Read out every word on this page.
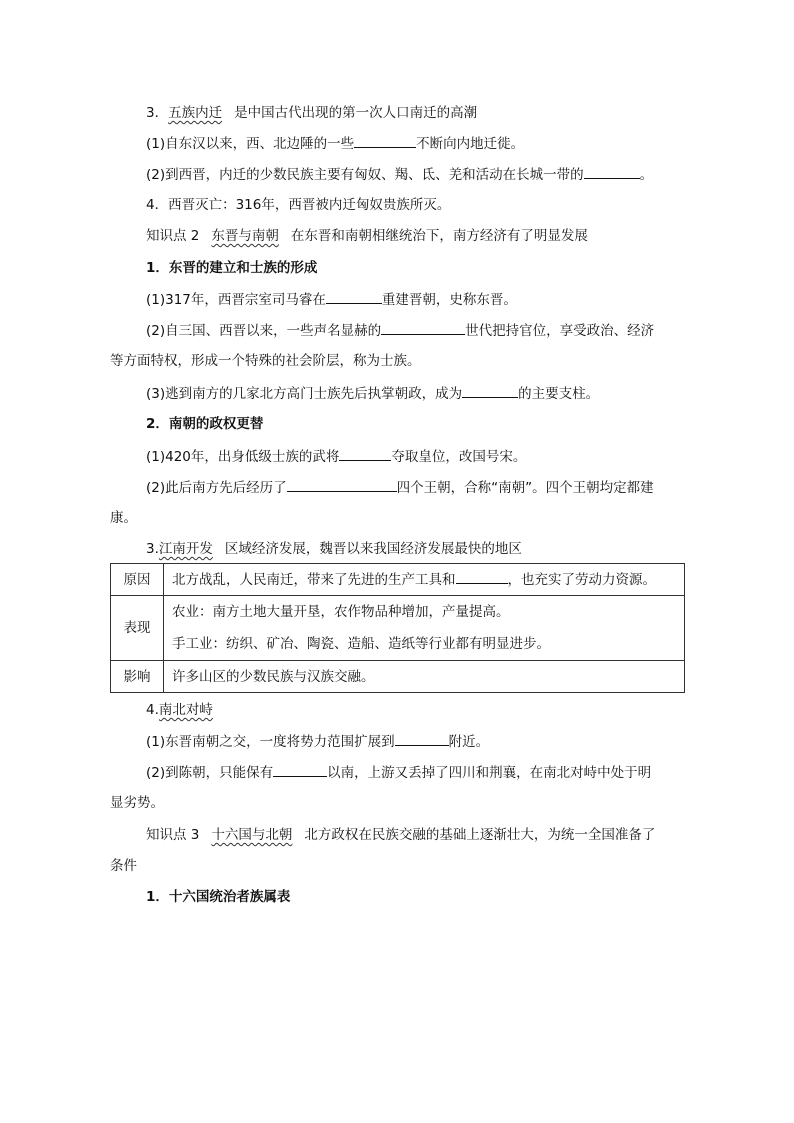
3．五族内迁 是中国古代出现的第一次人口南迁的高潮
(1)自东汉以来，西、北边陲的一些	不断向内地迁徙。
(2)到西晋，内迁的少数民族主要有匈奴、羯、氐、羌和活动在长城一带的	。
4．西晋灭亡：316年，西晋被内迁匈奴贵族所灭。
知识点 2 东晋与南朝 在东晋和南朝相继统治下，南方经济有了明显发展
1．东晋的建立和士族的形成
(1)317年，西晋宗室司马睿在	重建晋朝，史称东晋。
(2)自三国、西晋以来，一些声名显赫的	世代把持官位，享受政治、经济
等方面特权，形成一个特殊的社会阶层，称为士族。
(3)逃到南方的几家北方高门士族先后执掌朝政，成为	的主要支柱。
2．南朝的政权更替
(1)420年，出身低级士族的武将	夺取皇位，改国号宋。
(2)此后南方先后经历了	四个王朝，合称“南朝”。四个王朝均定都建
康。
3.江南开发 区域经济发展，魏晋以来我国经济发展最快的地区
原因	北方战乱，人民南迁，带来了先进的生产工具和 ，也充实了劳动力资源。
表现	农业：南方土地大量开垦，农作物品种增加，产量提高。
手工业：纺织、矿冶、陶瓷、造船、造纸等行业都有明显进步。

影响	许多山区的少数民族与汉族交融。
4.南北对峙
(1)东晋南朝之交，一度将势力范围扩展到	附近。
(2)到陈朝，只能保有	以南，上游又丢掉了四川和荆襄，在南北对峙中处于明
显劣势。
知识点 3 十六国与北朝 北方政权在民族交融的基础上逐渐壮大，为统一全国准备了
条件
1．十六国统治者族属表
